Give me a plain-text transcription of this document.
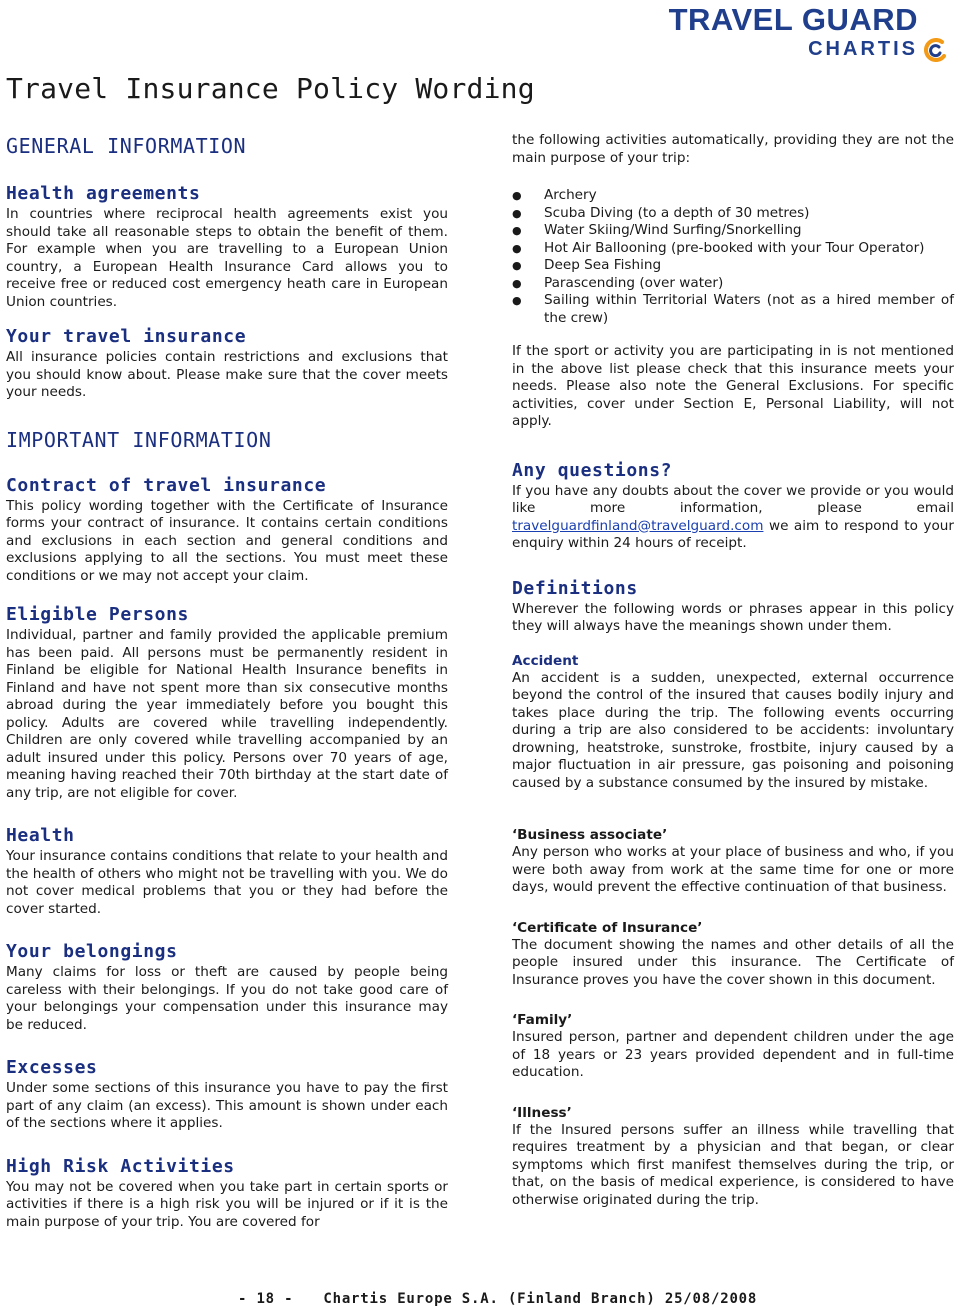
TRAVEL GUARD
CHARTIS
Travel Insurance Policy Wording
GENERAL INFORMATION
Health agreements

In countries where reciprocal health agreements exist you should take all reasonable steps to obtain the benefit of them. For example when you are travelling to a European Union country, a European Health Insurance Card allows you to receive free or reduced cost emergency heath care in European Union countries.

Your travel insurance

All insurance policies contain restrictions and exclusions that you should know about. Please make sure that the cover meets your needs.

IMPORTANT INFORMATION
Contract of travel insurance

This policy wording together with the Certificate of Insurance forms your contract of insurance. It contains certain conditions and exclusions in each section and general conditions and exclusions applying to all the sections. You must meet these conditions or we may not accept your claim.

Eligible Persons

Individual, partner and family provided the applicable premium has been paid. All persons must be permanently resident in Finland be eligible for National Health Insurance benefits in Finland and have not spent more than six consecutive months abroad during the year immediately before you bought this policy. Adults are covered while travelling independently. Children are only covered while travelling accompanied by an adult insured under this policy. Persons over 70 years of age, meaning having reached their 70th birthday at the start date of any trip, are not eligible for cover.

Health

Your insurance contains conditions that relate to your health and the health of others who might not be travelling with you. We do not cover medical problems that you or they had before the cover started.

Your belongings

Many claims for loss or theft are caused by people being careless with their belongings. If you do not take good care of your belongings your compensation under this insurance may be reduced.

Excesses

Under some sections of this insurance you have to pay the first part of any claim (an excess). This amount is shown under each of the sections where it applies.

High Risk Activities

You may not be covered when you take part in certain sports or activities if there is a high risk you will be injured or if it is the main purpose of your trip. You are covered for

the following activities automatically, providing they are not the main purpose of your trip:

● Archery
● Scuba Diving (to a depth of 30 metres)
● Water Skiing/Wind Surfing/Snorkelling
● Hot Air Ballooning (pre-booked with your Tour Operator)
● Deep Sea Fishing
● Parascending (over water)
● Sailing within Territorial Waters (not as a hired member of the crew)

If the sport or activity you are participating in is not mentioned in the above list please check that this insurance meets your needs. Please also note the General Exclusions. For specific activities, cover under Section E, Personal Liability, will not apply.

Any questions?

If you have any doubts about the cover we provide or you would like more information, please email travelguardfinland@travelguard.com we aim to respond to your enquiry within 24 hours of receipt.

Definitions

Wherever the following words or phrases appear in this policy they will always have the meanings shown under them.

Accident

An accident is a sudden, unexpected, external occurrence beyond the control of the insured that causes bodily injury and takes place during the trip. The following events occurring during a trip are also considered to be accidents: involuntary drowning, heatstroke, sunstroke, frostbite, injury caused by a major fluctuation in air pressure, gas poisoning and poisoning caused by a substance consumed by the insured by mistake.

‘Business associate’

Any person who works at your place of business and who, if you were both away from work at the same time for one or more days, would prevent the effective continuation of that business.

‘Certificate of Insurance’

The document showing the names and other details of all the people insured under this insurance. The Certificate of Insurance proves you have the cover shown in this document.

‘Family’

Insured person, partner and dependent children under the age of 18 years or 23 years provided dependent and in full-time education.

‘Illness’

If the Insured persons suffer an illness while travelling that requires treatment by a physician and that began, or clear symptoms which first manifest themselves during the trip, or that, on the basis of medical experience, is considered to have otherwise originated during the trip.

- 18 - Chartis Europe S.A. (Finland Branch) 25/08/2008
